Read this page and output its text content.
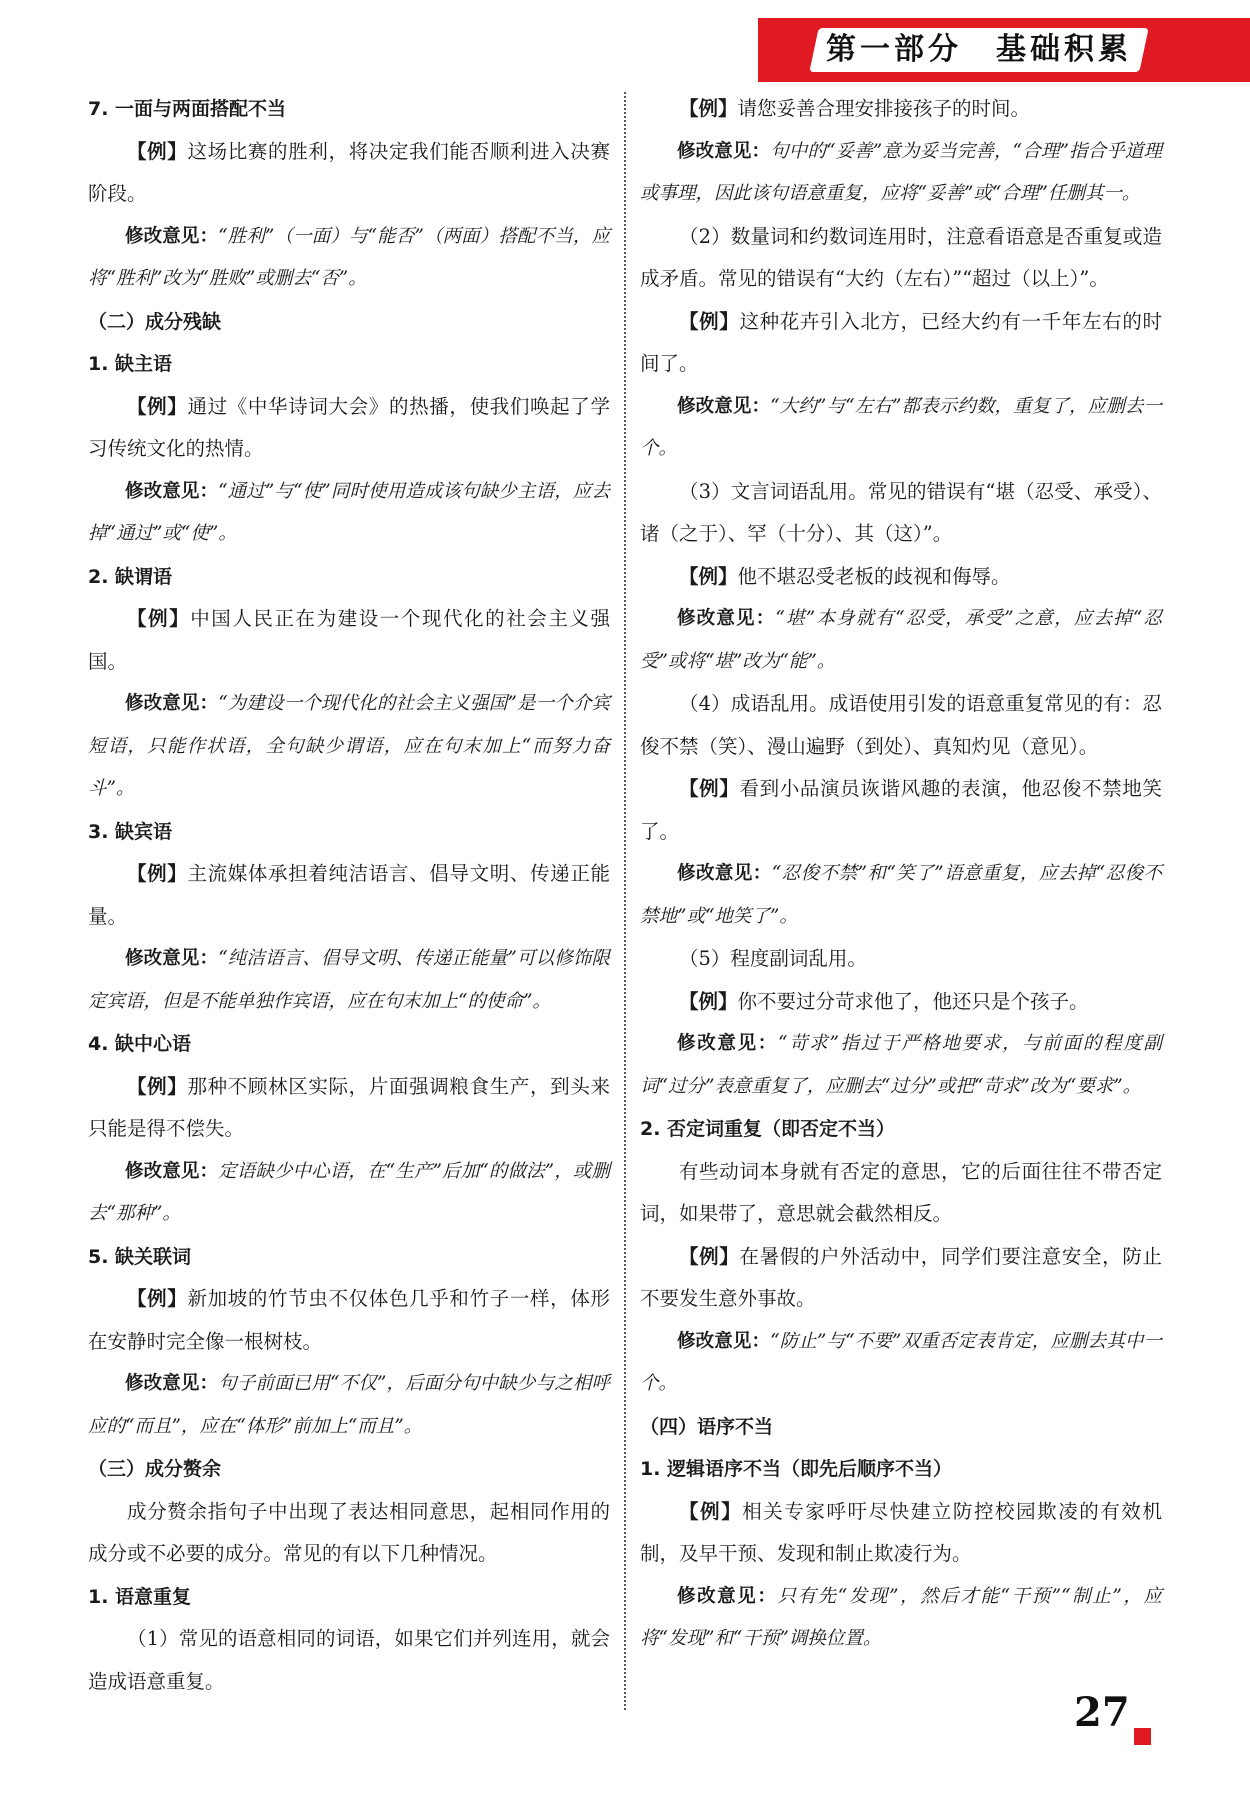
第一部分　基础积累
7. 一面与两面搭配不当
【例】这场比赛的胜利，将决定我们能否顺利进入决赛阶段。
修改意见：“胜利”（一面）与“能否”（两面）搭配不当，应将“胜利”改为“胜败”或删去“否”。
（二）成分残缺
1. 缺主语
【例】通过《中华诗词大会》的热播，使我们唤起了学习传统文化的热情。
修改意见：“通过”与“使”同时使用造成该句缺少主语，应去掉“通过”或“使”。
2. 缺谓语
【例】中国人民正在为建设一个现代化的社会主义强国。
修改意见：“为建设一个现代化的社会主义强国”是一个介宾短语，只能作状语，全句缺少谓语，应在句末加上“而努力奋斗”。
3. 缺宾语
【例】主流媒体承担着纯洁语言、倡导文明、传递正能量。
修改意见：“纯洁语言、倡导文明、传递正能量”可以修饰限定宾语，但是不能单独作宾语，应在句末加上“的使命”。
4. 缺中心语
【例】那种不顾林区实际，片面强调粮食生产，到头来只能是得不偿失。
修改意见：定语缺少中心语，在“生产”后加“的做法”，或删去“那种”。
5. 缺关联词
【例】新加坡的竹节虫不仅体色几乎和竹子一样，体形在安静时完全像一根树枝。
修改意见：句子前面已用“不仅”，后面分句中缺少与之相呼应的“而且”，应在“体形”前加上“而且”。
（三）成分赘余
成分赘余指句子中出现了表达相同意思，起相同作用的成分或不必要的成分。常见的有以下几种情况。
1. 语意重复
（1）常见的语意相同的词语，如果它们并列连用，就会造成语意重复。
【例】请您妥善合理安排接孩子的时间。
修改意见：句中的“妥善”意为妥当完善，“合理”指合乎道理或事理，因此该句语意重复，应将“妥善”或“合理”任删其一。
（2）数量词和约数词连用时，注意看语意是否重复或造成矛盾。常见的错误有“大约（左右）”“超过（以上）”。
【例】这种花卉引入北方，已经大约有一千年左右的时间了。
修改意见：“大约”与“左右”都表示约数，重复了，应删去一个。
（3）文言词语乱用。常见的错误有“堪（忍受、承受）、诸（之于）、罕（十分）、其（这）”。
【例】他不堪忍受老板的歧视和侮辱。
修改意见：“堪”本身就有“忍受，承受”之意，应去掉“忍受”或将“堪”改为“能”。
（4）成语乱用。成语使用引发的语意重复常见的有：忍俊不禁（笑）、漫山遍野（到处）、真知灼见（意见）。
【例】看到小品演员诙谐风趣的表演，他忍俊不禁地笑了。
修改意见：“忍俊不禁”和“笑了”语意重复，应去掉“忍俊不禁地”或“地笑了”。
（5）程度副词乱用。
【例】你不要过分苛求他了，他还只是个孩子。
修改意见：“苛求”指过于严格地要求，与前面的程度副词“过分”表意重复了，应删去“过分”或把“苛求”改为“要求”。
2. 否定词重复（即否定不当）
有些动词本身就有否定的意思，它的后面往往不带否定词，如果带了，意思就会截然相反。
【例】在暑假的户外活动中，同学们要注意安全，防止不要发生意外事故。
修改意见：“防止”与“不要”双重否定表肯定，应删去其中一个。
（四）语序不当
1. 逻辑语序不当（即先后顺序不当）
【例】相关专家呼吁尽快建立防控校园欺凌的有效机制，及早干预、发现和制止欺凌行为。
修改意见：只有先“发现”，然后才能“干预”“制止”，应将“发现”和“干预”调换位置。
27
